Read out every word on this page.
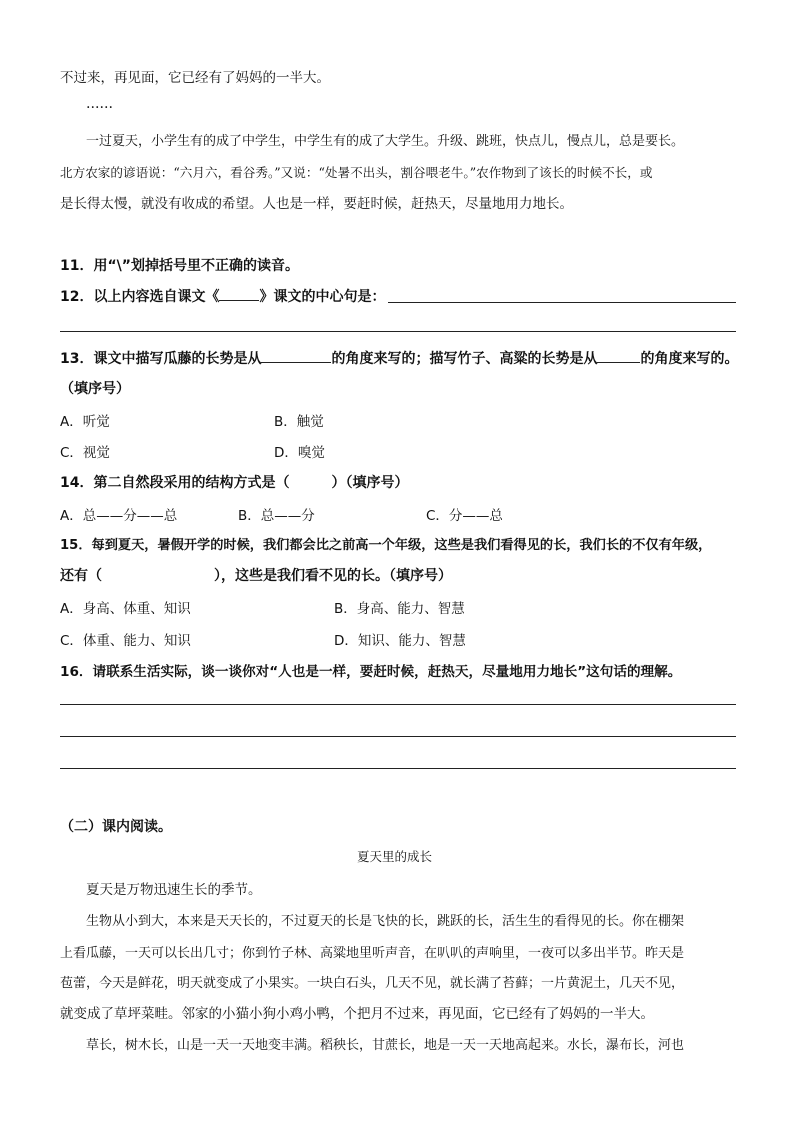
不过来，再见面，它已经有了妈妈的一半大。
……
一过夏天，小学生有的成了中学生，中学生有的成了大学生。升级、跳班，快点儿，慢点儿，总是要长。
北方农家的谚语说：“六月六，看谷秀。”又说：“处暑不出头，割谷喂老牛。”农作物到了该长的时候不长，或
是长得太慢，就没有收成的希望。人也是一样，要赶时候，赶热天，尽量地用力地长。
11．用“\”划掉括号里不正确的读音。
12．以上内容选自课文《	》课文的中心句是：
13．课文中描写瓜藤的长势是从	的角度来写的；描写竹子、高粱的长势是从	的角度来写的。
（填序号）
A．听觉	B．触觉
C．视觉	D．嗅觉
14．第二自然段采用的结构方式是（　　　）（填序号）
A．总——分——总	B．总——分	C．分——总
15．每到夏天，暑假开学的时候，我们都会比之前高一个年级，这些是我们看得见的长，我们长的不仅有年级，
还有（　　　　　　　　），这些是我们看不见的长。（填序号）
A．身高、体重、知识	B．身高、能力、智慧
C．体重、能力、知识	D．知识、能力、智慧
16．请联系生活实际，谈一谈你对“人也是一样，要赶时候，赶热天，尽量地用力地长”这句话的理解。
（二）课内阅读。
夏天里的成长
夏天是万物迅速生长的季节。
生物从小到大，本来是天天长的，不过夏天的长是飞快的长，跳跃的长，活生生的看得见的长。你在棚架
上看瓜藤，一天可以长出几寸；你到竹子林、高粱地里听声音，在叭叭的声响里，一夜可以多出半节。昨天是
苞蕾，今天是鲜花，明天就变成了小果实。一块白石头，几天不见，就长满了苔藓；一片黄泥土，几天不见，
就变成了草坪菜畦。邻家的小猫小狗小鸡小鸭，个把月不过来，再见面，它已经有了妈妈的一半大。
草长，树木长，山是一天一天地变丰满。稻秧长，甘蔗长，地是一天一天地高起来。水长，瀑布长，河也
